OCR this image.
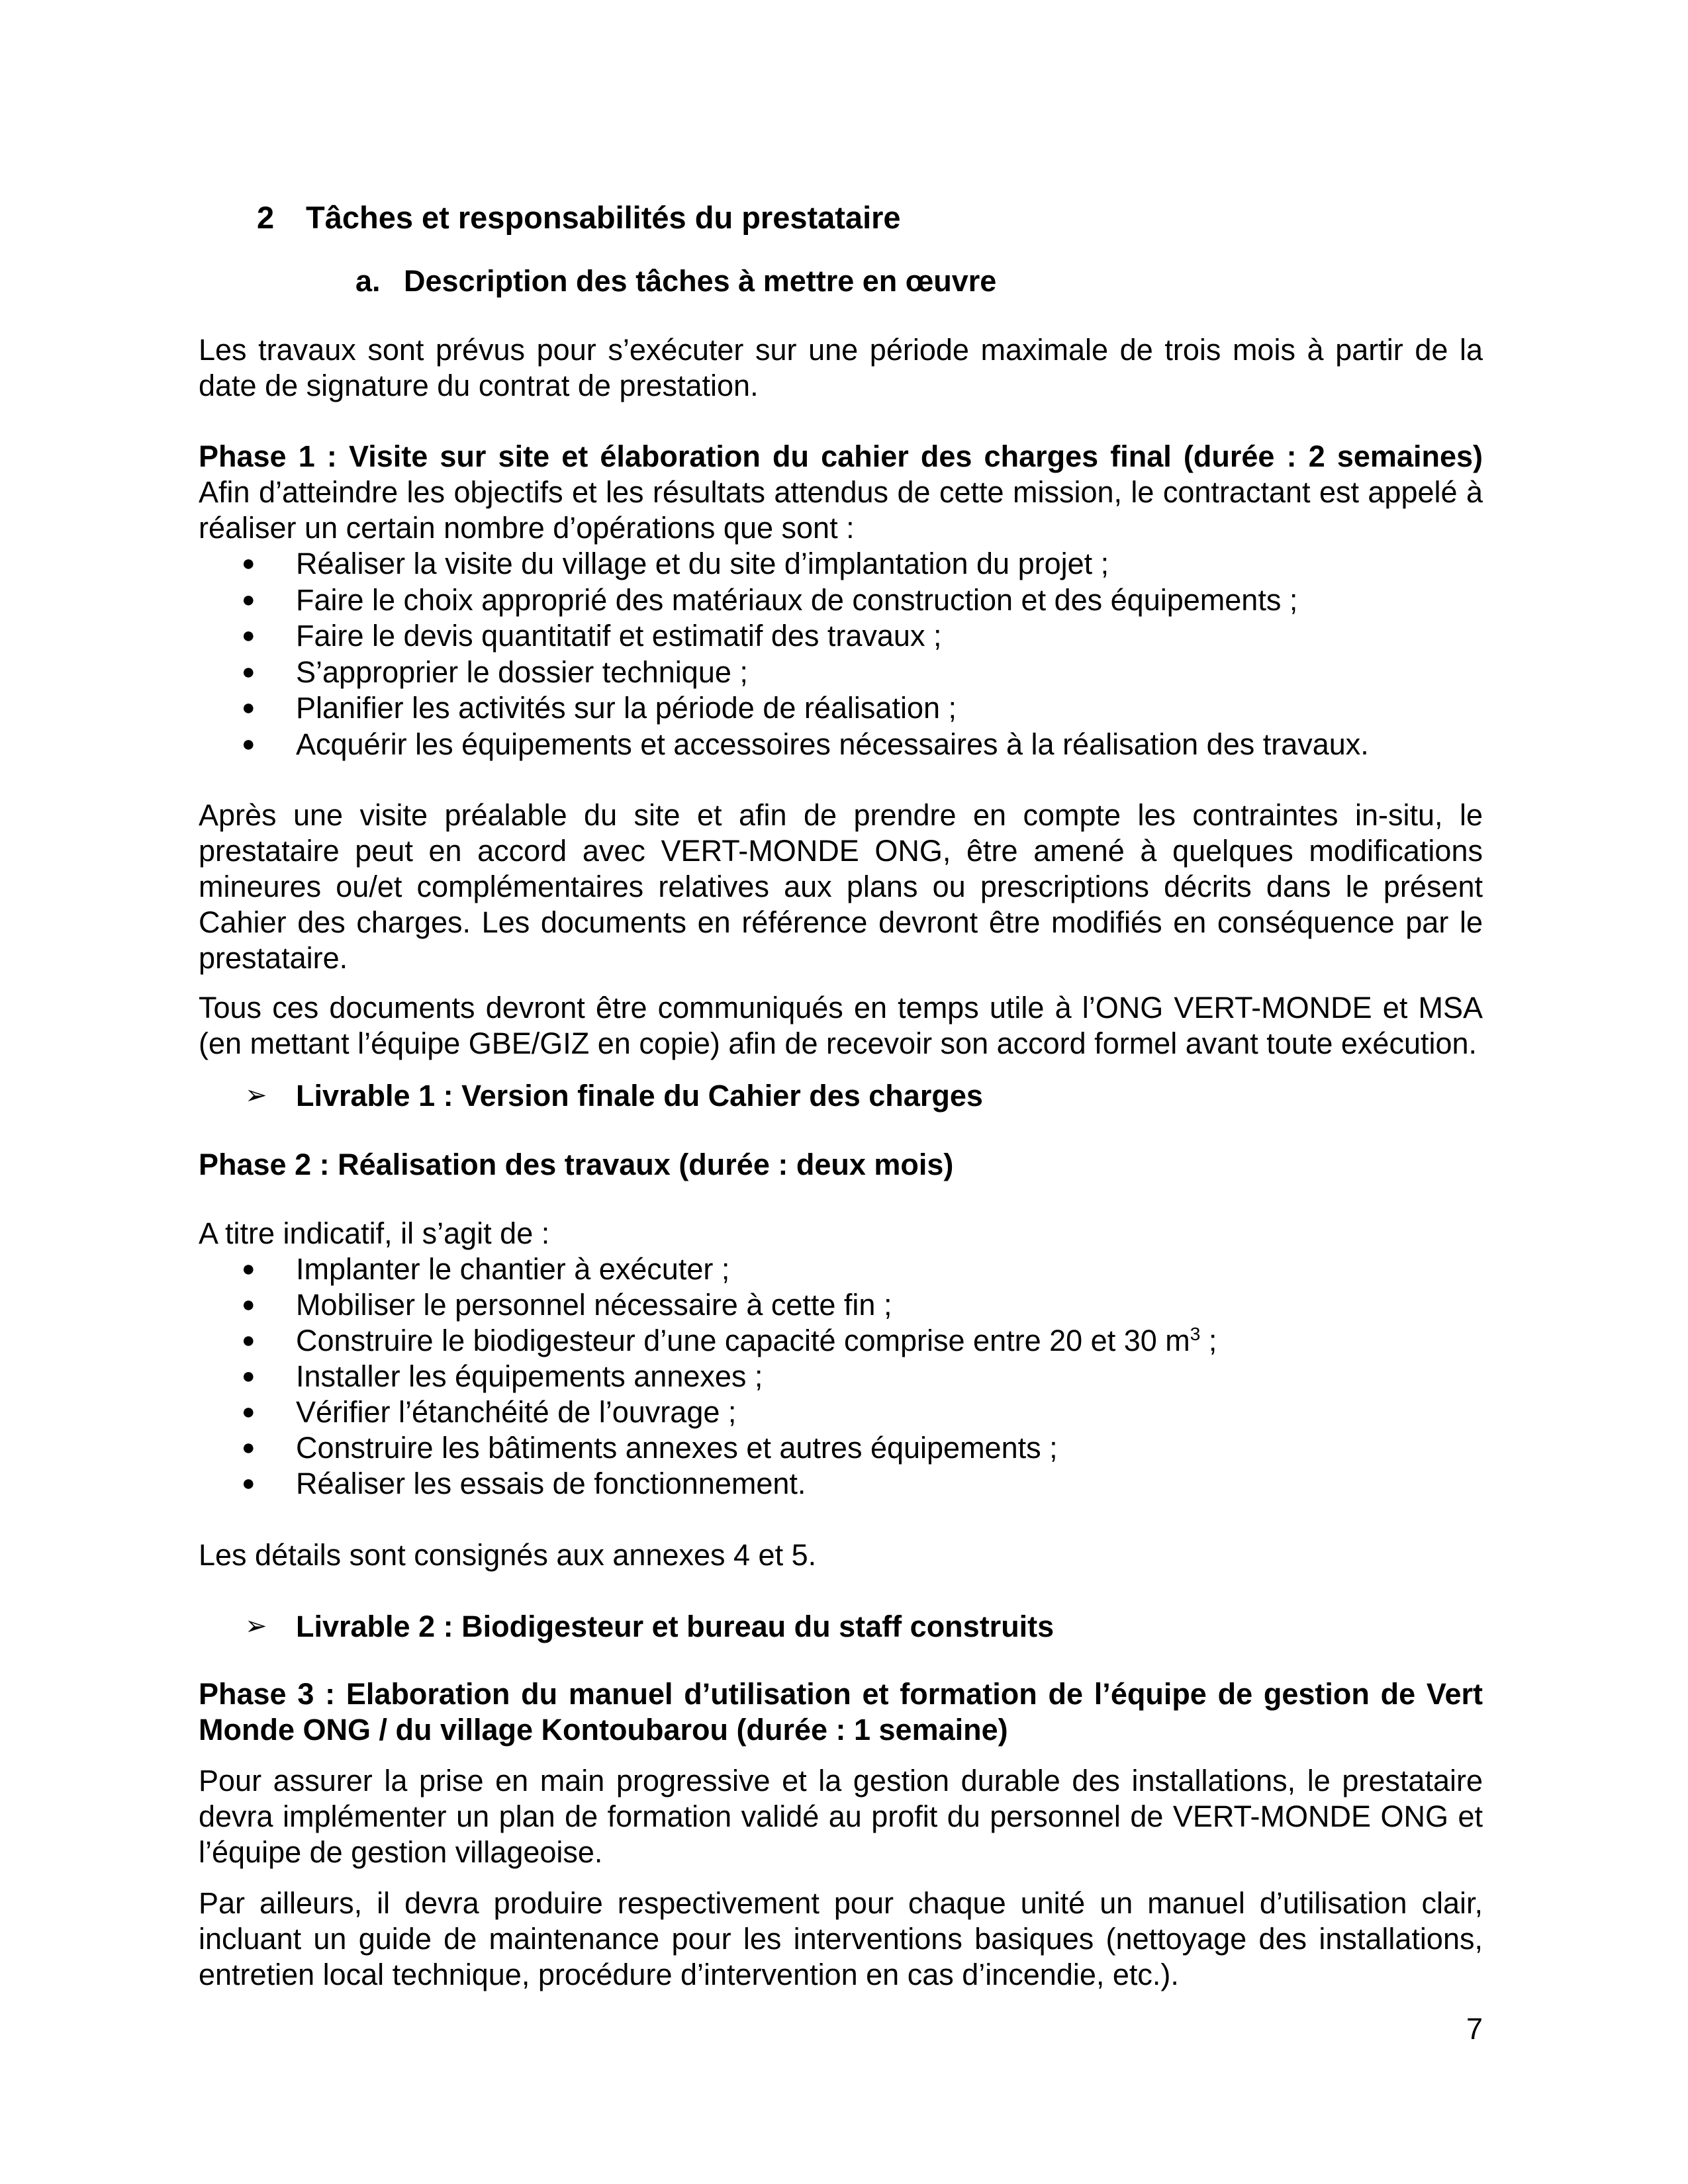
2 Tâches et responsabilités du prestataire
a. Description des tâches à mettre en œuvre
Les travaux sont prévus pour s’exécuter sur une période maximale de trois mois à partir de la
date de signature du contrat de prestation.
Phase 1 : Visite sur site et élaboration du cahier des charges final (durée : 2 semaines)
Afin d’atteindre les objectifs et les résultats attendus de cette mission, le contractant est appelé à
réaliser un certain nombre d’opérations que sont :
● Réaliser la visite du village et du site d’implantation du projet ;
● Faire le choix approprié des matériaux de construction et des équipements ;
● Faire le devis quantitatif et estimatif des travaux ;
● S’approprier le dossier technique ;
● Planifier les activités sur la période de réalisation ;
● Acquérir les équipements et accessoires nécessaires à la réalisation des travaux.
Après une visite préalable du site et afin de prendre en compte les contraintes in-situ, le
prestataire peut en accord avec VERT-MONDE ONG, être amené à quelques modifications
mineures ou/et complémentaires relatives aux plans ou prescriptions décrits dans le présent
Cahier des charges. Les documents en référence devront être modifiés en conséquence par le
prestataire.
Tous ces documents devront être communiqués en temps utile à l’ONG VERT-MONDE et MSA
(en mettant l’équipe GBE/GIZ en copie) afin de recevoir son accord formel avant toute exécution.
➢ Livrable 1 : Version finale du Cahier des charges
Phase 2 : Réalisation des travaux (durée : deux mois)
A titre indicatif, il s’agit de :
● Implanter le chantier à exécuter ;
● Mobiliser le personnel nécessaire à cette fin ;
● Construire le biodigesteur d’une capacité comprise entre 20 et 30 $m^3$ ;
● Installer les équipements annexes ;
● Vérifier l’étanchéité de l’ouvrage ;
● Construire les bâtiments annexes et autres équipements ;
● Réaliser les essais de fonctionnement.
Les détails sont consignés aux annexes 4 et 5.
➢ Livrable 2 : Biodigesteur et bureau du staff construits
Phase 3 : Elaboration du manuel d’utilisation et formation de l’équipe de gestion de Vert
Monde ONG / du village Kontoubarou (durée : 1 semaine)
Pour assurer la prise en main progressive et la gestion durable des installations, le prestataire
devra implémenter un plan de formation validé au profit du personnel de VERT-MONDE ONG et
l’équipe de gestion villageoise.
Par ailleurs, il devra produire respectivement pour chaque unité un manuel d’utilisation clair,
incluant un guide de maintenance pour les interventions basiques (nettoyage des installations,
entretien local technique, procédure d’intervention en cas d’incendie, etc.).
7
